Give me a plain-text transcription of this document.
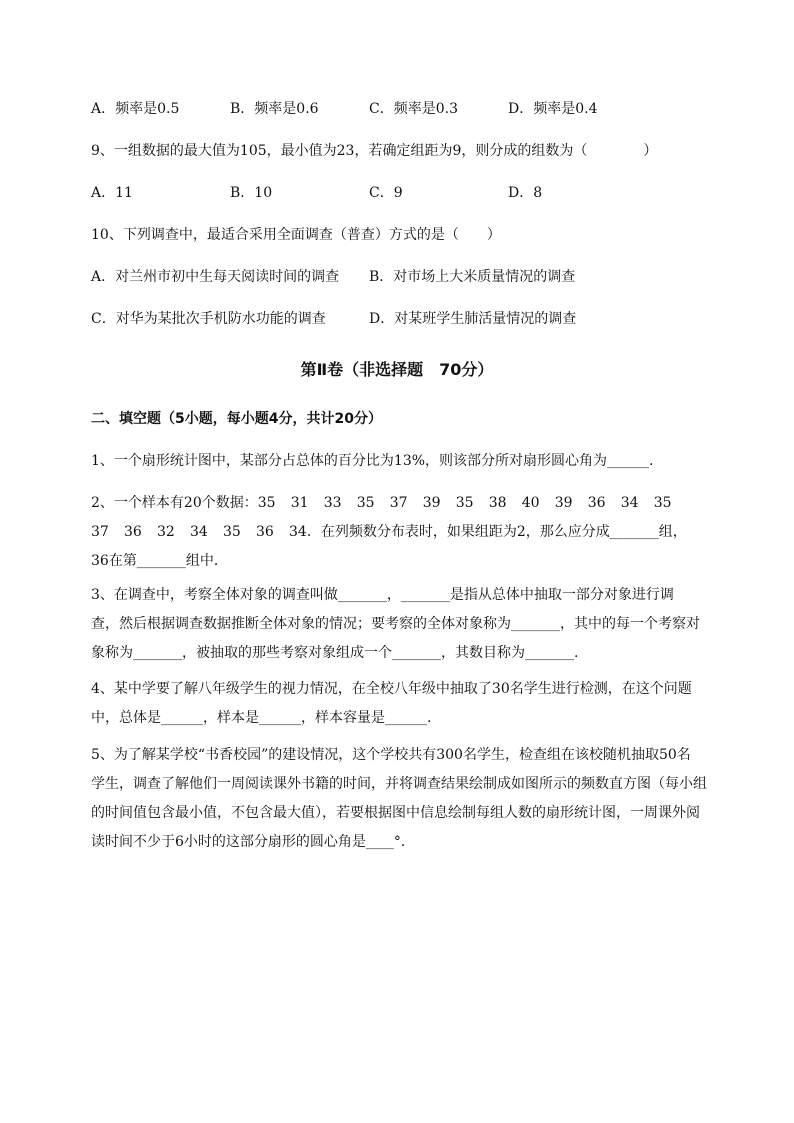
A．频率是0.5	B．频率是0.6	C．频率是0.3	D．频率是0.4
9、一组数据的最大值为105，最小值为23，若确定组距为9，则分成的组数为（　　　　）
A．11	B．10	C．9	D．8
10、下列调查中，最适合采用全面调查（普查）方式的是（　　）
A．对兰州市初中生每天阅读时间的调查 B．对市场上大米质量情况的调查
C．对华为某批次手机防水功能的调查	D．对某班学生肺活量情况的调查
第Ⅱ卷（非选择题　70分）
二、填空题（5小题，每小题4分，共计20分）
1、一个扇形统计图中，某部分占总体的百分比为13%，则该部分所对扇形圆心角为______.
2、一个样本有20个数据：35 31 33 35 37 39 35 38 40 39 36 34 35
37 36 32 34 35 36 34．在列频数分布表时，如果组距为2，那么应分成_______组，
36在第_______组中．
3、在调查中，考察全体对象的调查叫做_______，_______是指从总体中抽取一部分对象进行调
查，然后根据调查数据推断全体对象的情况；要考察的全体对象称为_______，其中的每一个考察对
象称为_______，被抽取的那些考察对象组成一个_______，其数目称为_______.
4、某中学要了解八年级学生的视力情况，在全校八年级中抽取了30名学生进行检测，在这个问题
中，总体是______，样本是______，样本容量是______.
5、为了解某学校“书香校园”的建设情况，这个学校共有300名学生，检查组在该校随机抽取50名
学生，调查了解他们一周阅读课外书籍的时间，并将调查结果绘制成如图所示的频数直方图（每小组
的时间值包含最小值，不包含最大值），若要根据图中信息绘制每组人数的扇形统计图，一周课外阅
读时间不少于6小时的这部分扇形的圆心角是____°．
